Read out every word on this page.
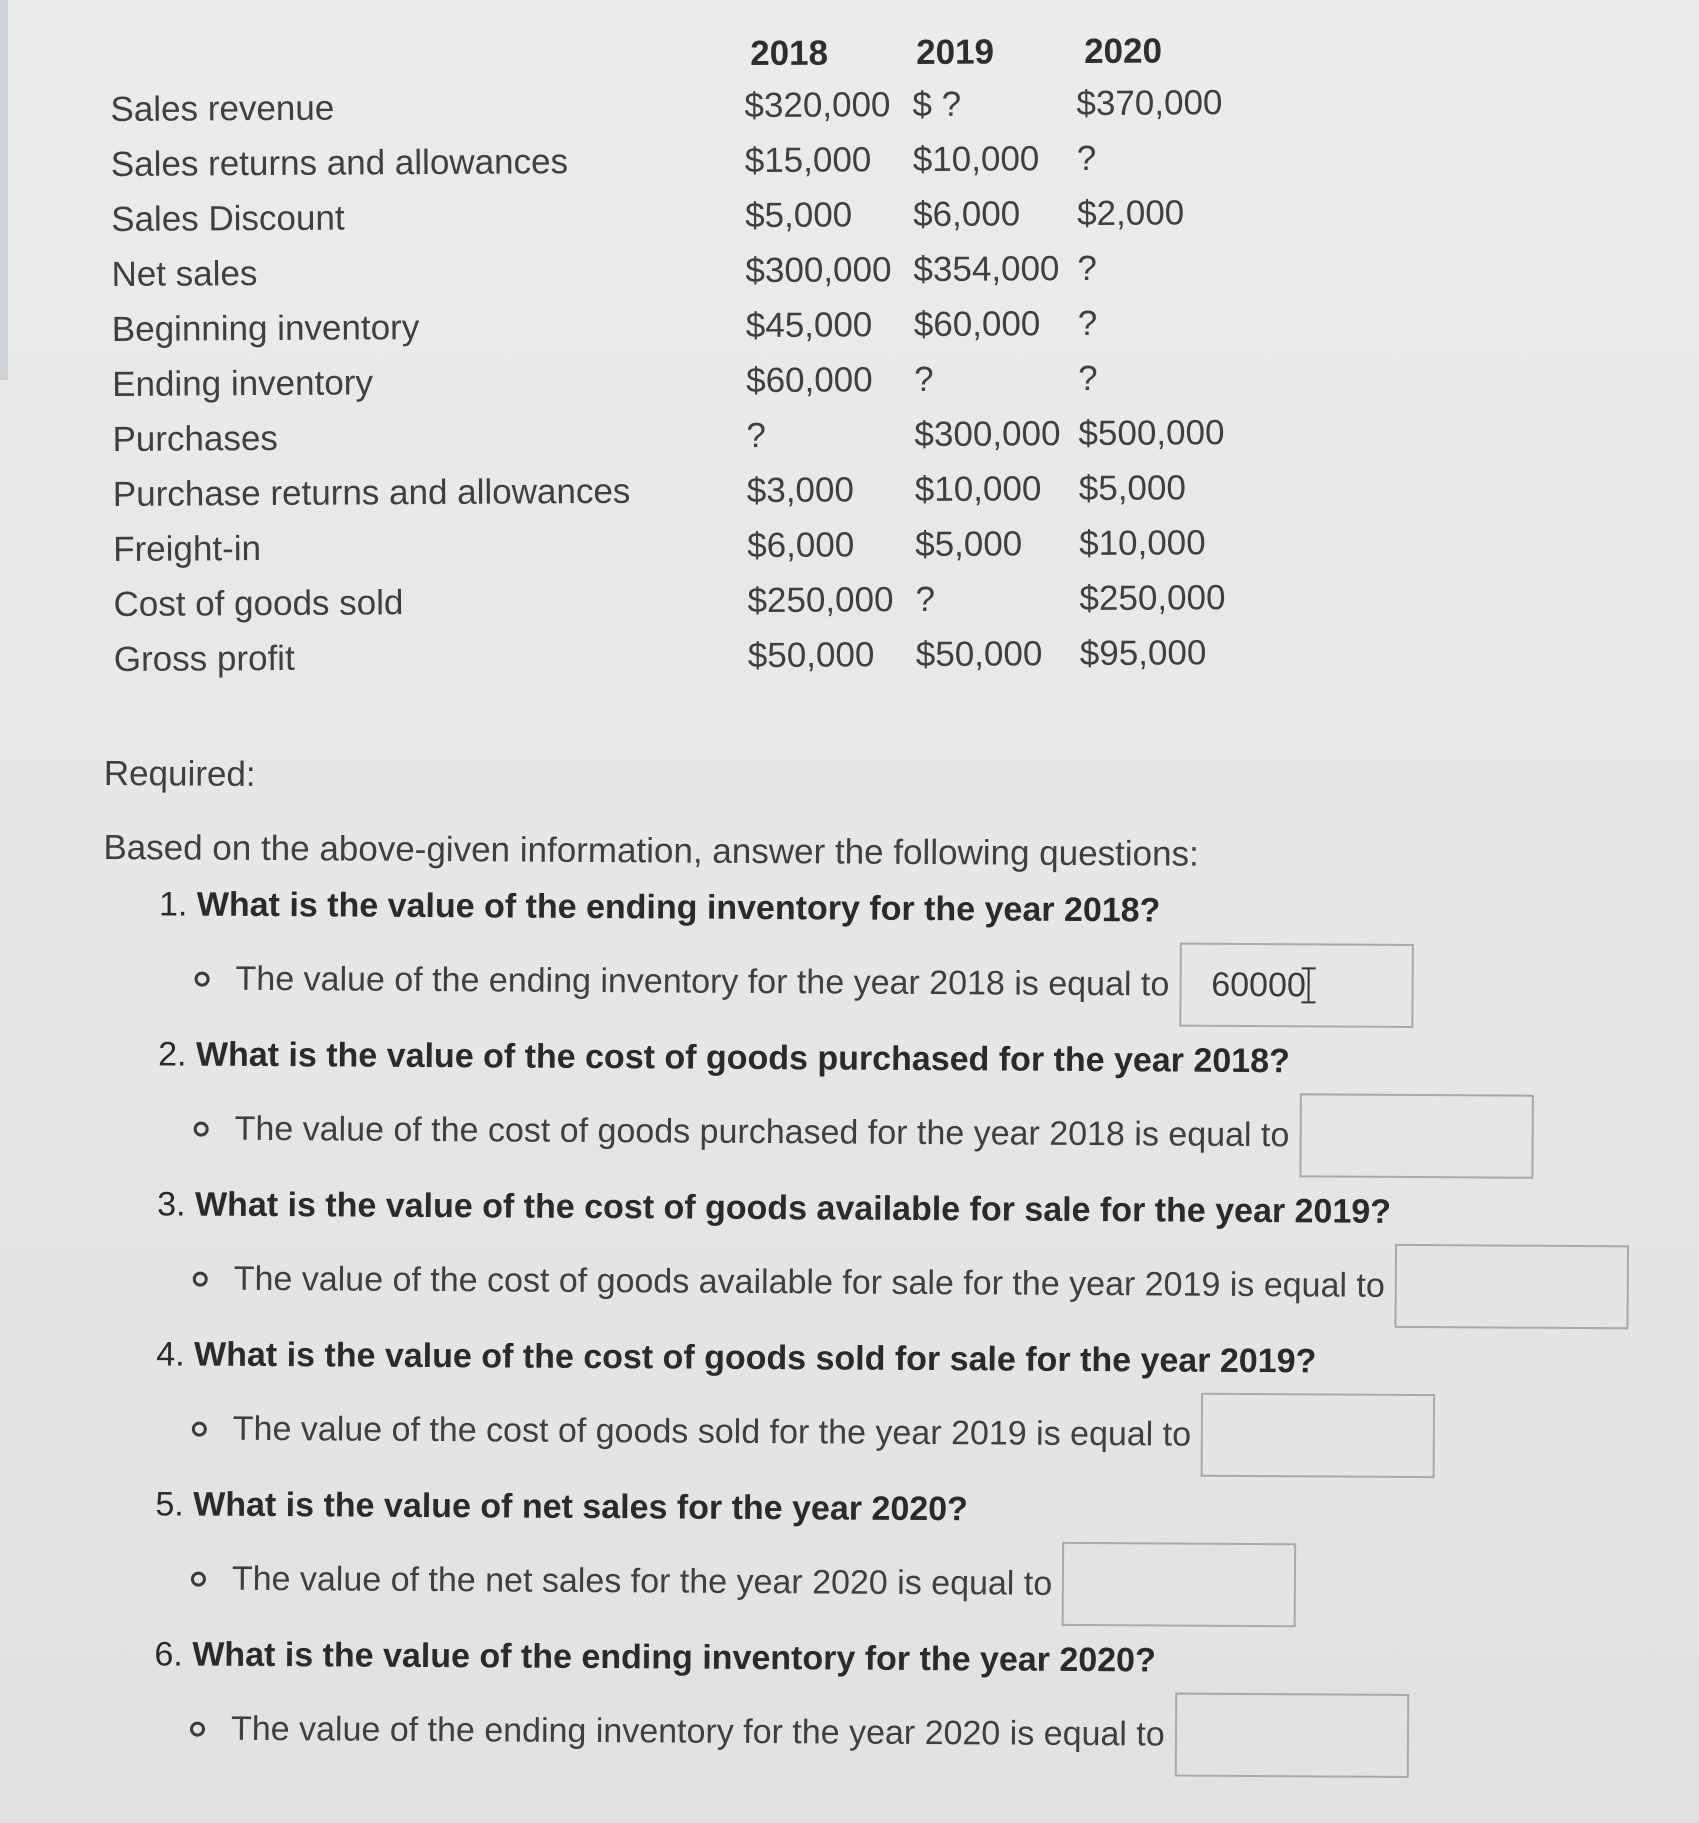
2018	2019	2020
Sales revenue	$320,000 $ ?	$370,000
Sales returns and allowances	$15,000 $10,000 ?
Sales Discount	$5,000 $6,000 $2,000
Net sales	$300,000 $354,000 ?
Beginning inventory	$45,000 $60,000 ?
Ending inventory	$60,000 ?	?
Purchases	?	$300,000 $500,000
Purchase returns and allowances	$3,000 $10,000 $5,000
Freight-in	$6,000 $5,000 $10,000
Cost of goods sold	$250,000 ?	$250,000
Gross profit	$50,000 $50,000 $95,000

Required:

Based on the above-given information, answer the following questions:

1. What is the value of the ending inventory for the year 2018?
The value of the ending inventory for the year 2018 is equal to
60000
2. What is the value of the cost of goods purchased for the year 2018?
The value of the cost of goods purchased for the year 2018 is equal to
3. What is the value of the cost of goods available for sale for the year 2019?
The value of the cost of goods available for sale for the year 2019 is equal to
4. What is the value of the cost of goods sold for sale for the year 2019?
The value of the cost of goods sold for the year 2019 is equal to
5. What is the value of net sales for the year 2020?
The value of the net sales for the year 2020 is equal to
6. What is the value of the ending inventory for the year 2020?
The value of the ending inventory for the year 2020 is equal to
